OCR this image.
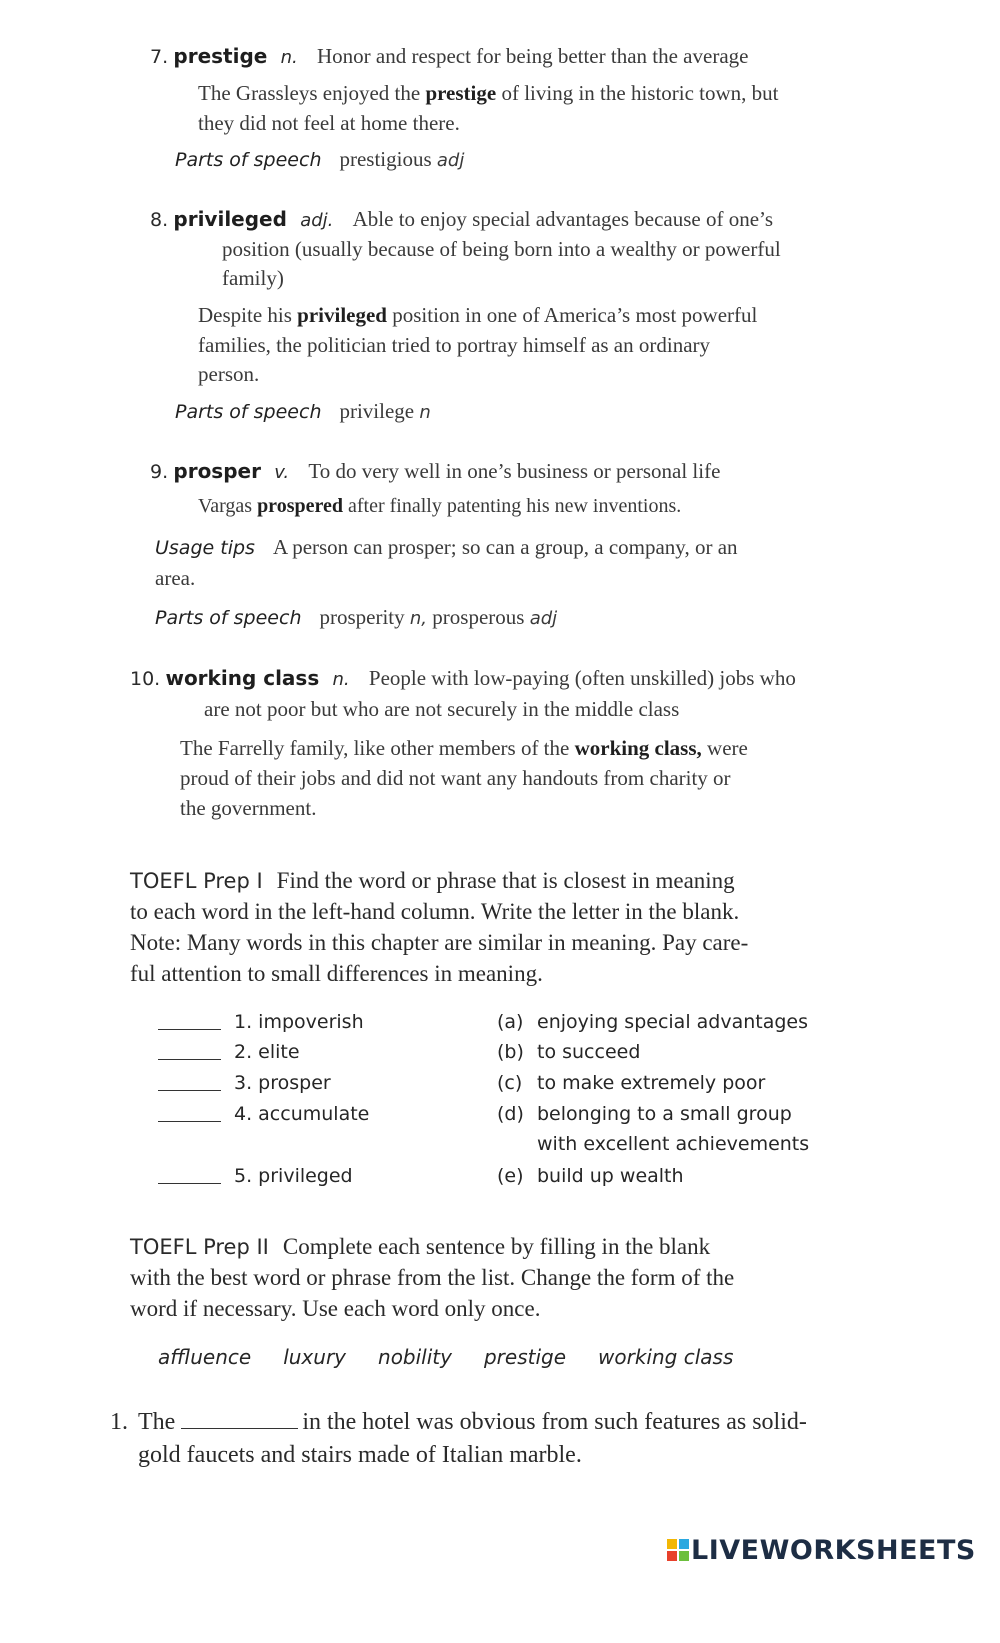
7. prestige n. Honor and respect for being better than the average
The Grassleys enjoyed the prestige of living in the historic town, but
they did not feel at home there.
Parts of speech prestigious adj
8. privileged adj. Able to enjoy special advantages because of one’s
position (usually because of being born into a wealthy or powerful
family)
Despite his privileged position in one of America’s most powerful
families, the politician tried to portray himself as an ordinary
person.
Parts of speech privilege n
9. prosper v. To do very well in one’s business or personal life
Vargas prospered after finally patenting his new inventions.
Usage tips A person can prosper; so can a group, a company, or an
area.
Parts of speech prosperity n, prosperous adj
10. working class n. People with low-paying (often unskilled) jobs who
are not poor but who are not securely in the middle class
The Farrelly family, like other members of the working class, were
proud of their jobs and did not want any handouts from charity or
the government.
TOEFL Prep I Find the word or phrase that is closest in meaning
to each word in the left-hand column. Write the letter in the blank.
Note: Many words in this chapter are similar in meaning. Pay care-
ful attention to small differences in meaning.
1. impoverish
2. elite
3. prosper
4. accumulate
5. privileged
(a) enjoying special advantages
(b) to succeed
(c) to make extremely poor
(d) belonging to a small group
with excellent achievements
(e) build up wealth
TOEFL Prep II Complete each sentence by filling in the blank
with the best word or phrase from the list. Change the form of the
word if necessary. Use each word only once.
affluence luxury nobility prestige working class
1. The	in the hotel was obvious from such features as solid-
gold faucets and stairs made of Italian marble.
LIVEWORKSHEETS
